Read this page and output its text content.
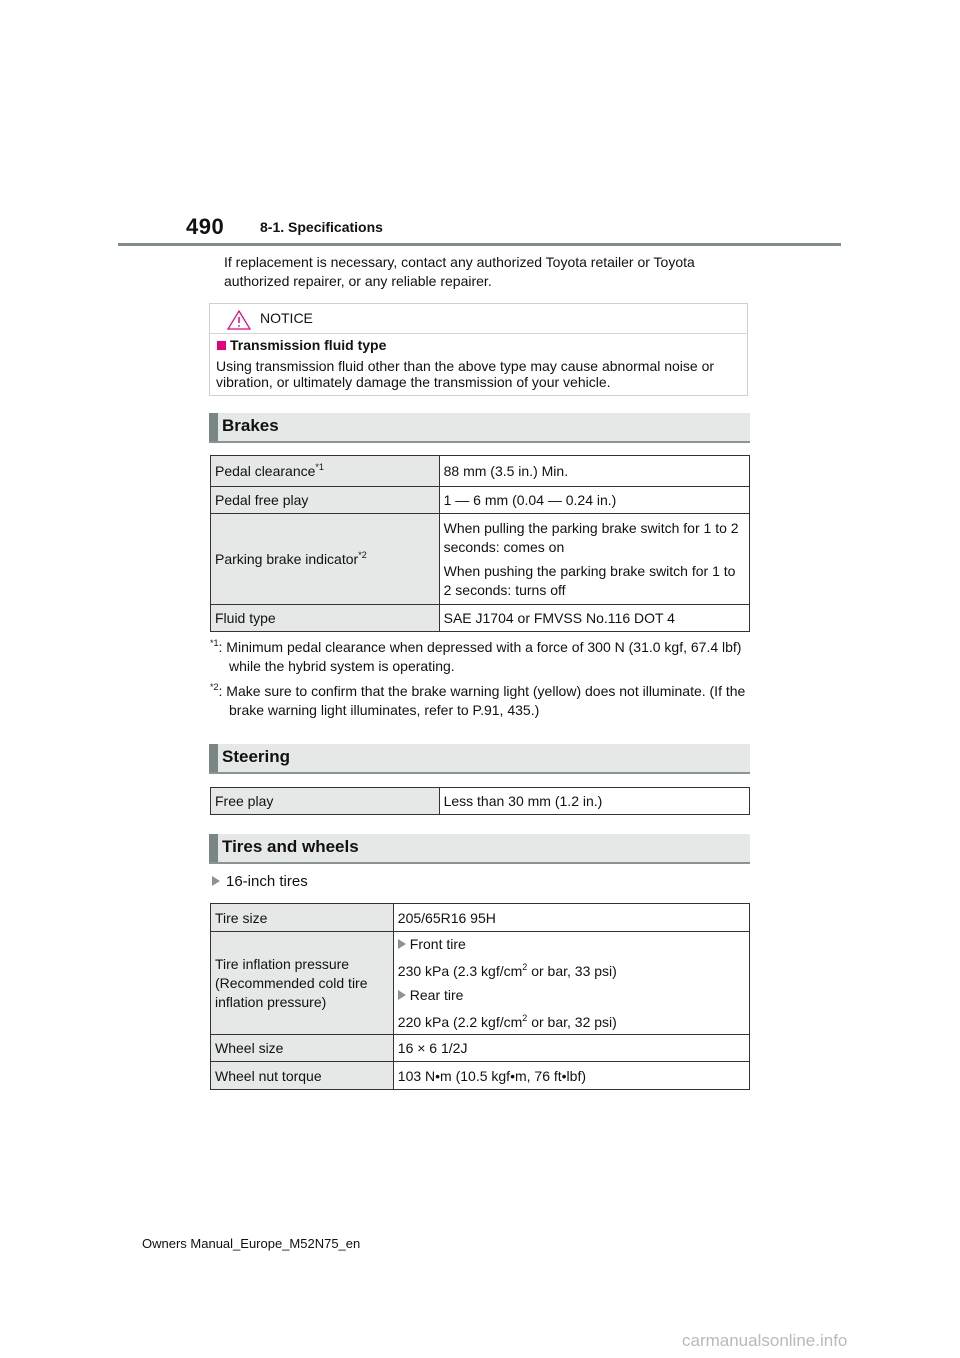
490	8-1. Specifications
If replacement is necessary, contact any authorized Toyota retailer or Toyota authorized repairer, or any reliable repairer.
NOTICE
Transmission fluid type
Using transmission fluid other than the above type may cause abnormal noise or vibration, or ultimately damage the transmission of your vehicle.
Brakes
Pedal clearance$^{*1}$	88 mm (3.5 in.) Min.
Pedal free play	1 — 6 mm (0.04 — 0.24 in.)
Parking brake indicator$^{*2}$	When pulling the parking brake switch for 1 to 2 seconds: comes on

When pushing the parking brake switch for 1 to 2 seconds: turns off

Fluid type	SAE J1704 or FMVSS No.116 DOT 4
$^{*1}$: Minimum pedal clearance when depressed with a force of 300 N (31.0 kgf, 67.4 lbf) while the hybrid system is operating.
$^{*2}$: Make sure to confirm that the brake warning light (yellow) does not illuminate. (If the brake warning light illuminates, refer to P.91, 435.)
Steering
Free play	Less than 30 mm (1.2 in.)
Tires and wheels
16-inch tires
Tire size	205/65R16 95H

Tire inflation pressure (Recommended cold tire inflation pressure)	Front tire

230 kPa (2.3 kgf/$cm^2$ or bar, 33 psi)

Rear tire

220 kPa (2.2 kgf/$cm^2$ or bar, 32 psi)

Wheel size	16 × 6 1/2J
Wheel nut torque	103 N•m (10.5 kgf•m, 76 ft•lbf)
Owners Manual_Europe_M52N75_en
carmanualsonline.info
